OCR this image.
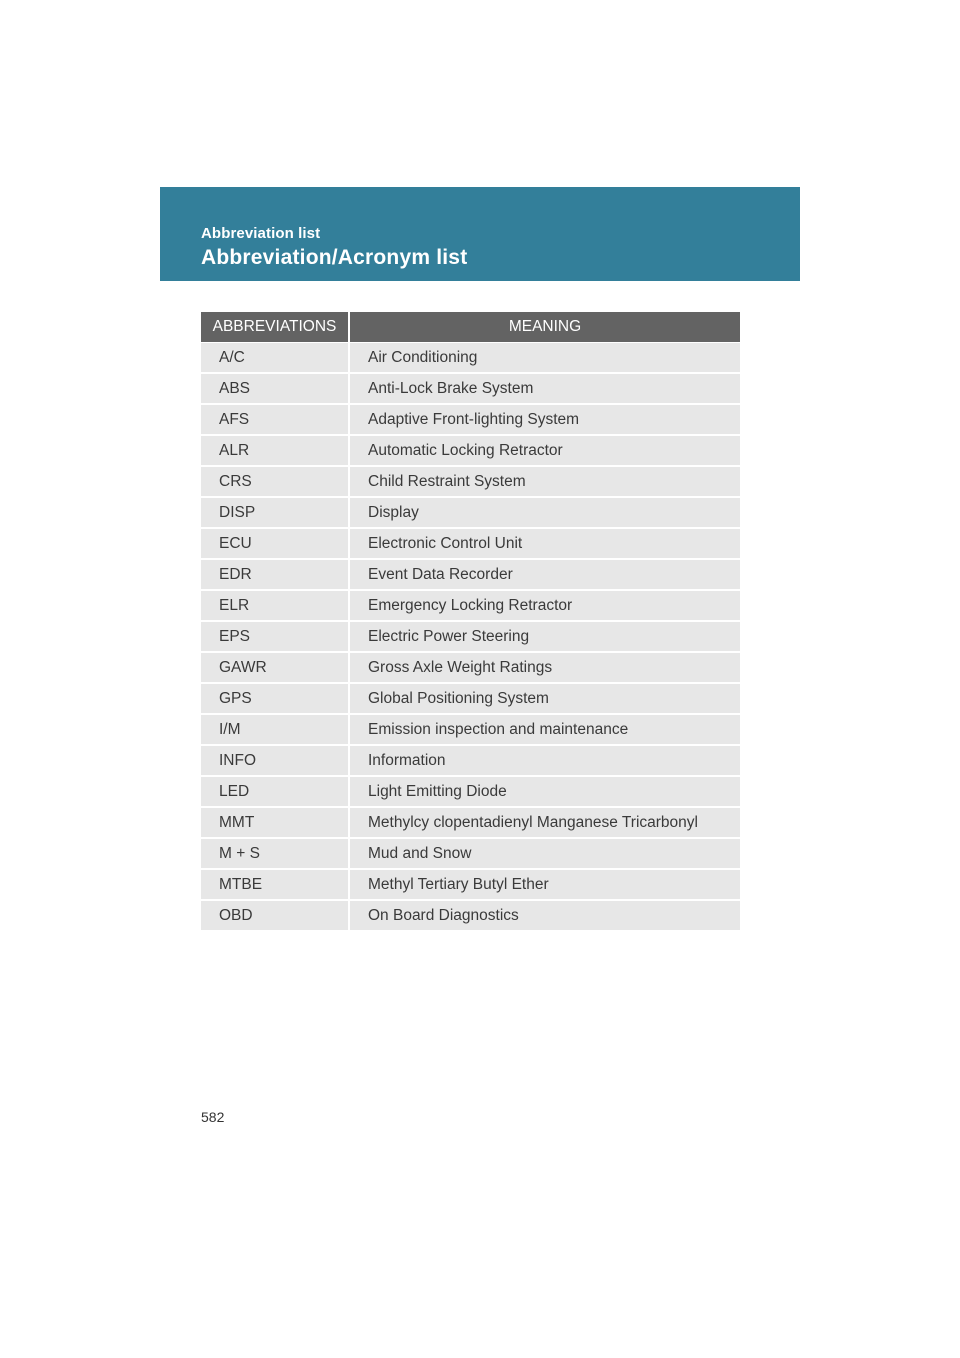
Abbreviation list
Abbreviation/Acronym list
ABBREVIATIONS	MEANING
A/C	Air Conditioning
ABS	Anti-Lock Brake System
AFS	Adaptive Front-lighting System
ALR	Automatic Locking Retractor
CRS	Child Restraint System
DISP	Display
ECU	Electronic Control Unit
EDR	Event Data Recorder
ELR	Emergency Locking Retractor
EPS	Electric Power Steering
GAWR	Gross Axle Weight Ratings
GPS	Global Positioning System
I/M	Emission inspection and maintenance
INFO	Information
LED	Light Emitting Diode
MMT	Methylcy clopentadienyl Manganese Tricarbonyl
M + S	Mud and Snow
MTBE	Methyl Tertiary Butyl Ether
OBD	On Board Diagnostics
582
